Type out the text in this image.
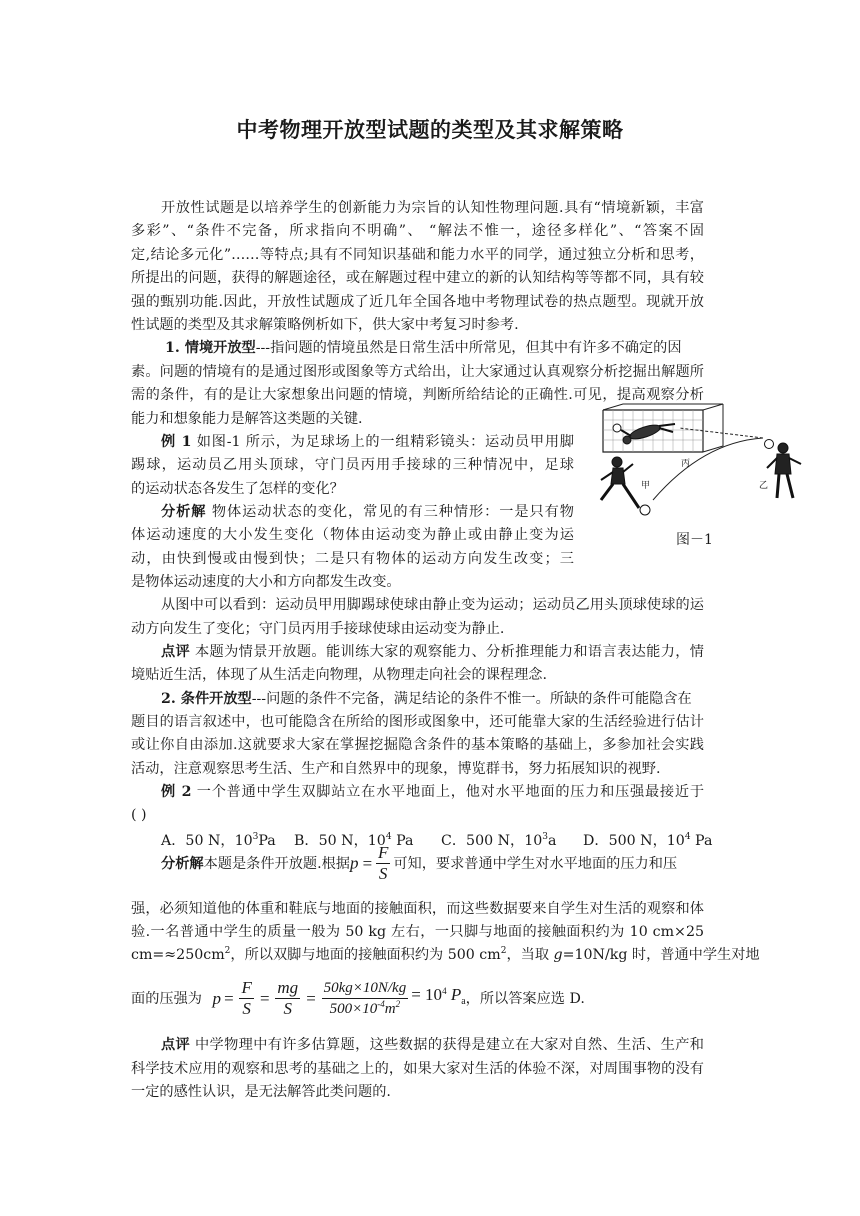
中考物理开放型试题的类型及其求解策略
开放性试题是以培养学生的创新能力为宗旨的认知性物理问题.具有“情境新颖，丰富
多彩”、“条件不完备，所求指向不明确”、 “解法不惟一，途径多样化”、“答案不固
定,结论多元化”……等特点;具有不同知识基础和能力水平的同学，通过独立分析和思考，
所提出的问题，获得的解题途径，或在解题过程中建立的新的认知结构等等都不同，具有较
强的甄别功能.因此，开放性试题成了近几年全国各地中考物理试卷的热点题型。现就开放
性试题的类型及其求解策略例析如下，供大家中考复习时参考.
1. 情境开放型---指问题的情境虽然是日常生活中所常见，但其中有许多不确定的因
素。问题的情境有的是通过图形或图象等方式给出，让大家通过认真观察分析挖掘出解题所
需的条件，有的是让大家想象出问题的情境，判断所给结论的正确性.可见，提高观察分析
能力和想象能力是解答这类题的关键.
例 1 如图-1 所示，为足球场上的一组精彩镜头：运动员甲用脚
踢球，运动员乙用头顶球，守门员丙用手接球的三种情况中，足球
的运动状态各发生了怎样的变化？
分析解 物体运动状态的变化，常见的有三种情形：一是只有物
体运动速度的大小发生变化（物体由运动变为静止或由静止变为运
动，由快到慢或由慢到快；二是只有物体的运动方向发生改变；三
是物体运动速度的大小和方向都发生改变。
从图中可以看到：运动员甲用脚踢球使球由静止变为运动；运动员乙用头顶球使球的运
动方向发生了变化；守门员丙用手接球使球由运动变为静止.
点评 本题为情景开放题。能训练大家的观察能力、分析推理能力和语言表达能力，情
境贴近生活，体现了从生活走向物理，从物理走向社会的课程理念.
甲	乙
丙
图－1
2. 条件开放型---问题的条件不完备，满足结论的条件不惟一。所缺的条件可能隐含在
题目的语言叙述中，也可能隐含在所给的图形或图象中，还可能靠大家的生活经验进行估计
或让你自由添加.这就要求大家在掌握挖掘隐含条件的基本策略的基础上，多参加社会实践
活动，注意观察思考生活、生产和自然界中的现象，博览群书，努力拓展知识的视野.
例 2 一个普通中学生双脚站立在水平地面上，他对水平地面的压力和压强最接近于
( )
A．50 N，$10^3Pa$ B．50 N，$10^4$ Pa C．500 N，$10^3a$ D．500 N，$10^4$ Pa
分析解本题是条件开放题.根据$p = \frac{F}{S}$ 可知，要求普通中学生对水平地面的压力和压
强，必须知道他的体重和鞋底与地面的接触面积，而这些数据要来自学生对生活的观察和体
验.一名普通中学生的质量一般为 50 kg 左右，一只脚与地面的接触面积约为 10 cm×25
$cm=\approx 250cm^2$，所以双脚与地面的接触面积约为 500 $cm^2$，当取 g=10N/kg 时，普通中学生对地
面的压强为 $p = \frac{F}{S} = \frac{mg}{S} = \frac{50kg\times 10N/kg}{500\times 10^{-4}m^2} = 10^4$ $P_a$，所以答案应选 D.
点评 中学物理中有许多估算题，这些数据的获得是建立在大家对自然、生活、生产和
科学技术应用的观察和思考的基础之上的，如果大家对生活的体验不深，对周围事物的没有
一定的感性认识，是无法解答此类问题的.
